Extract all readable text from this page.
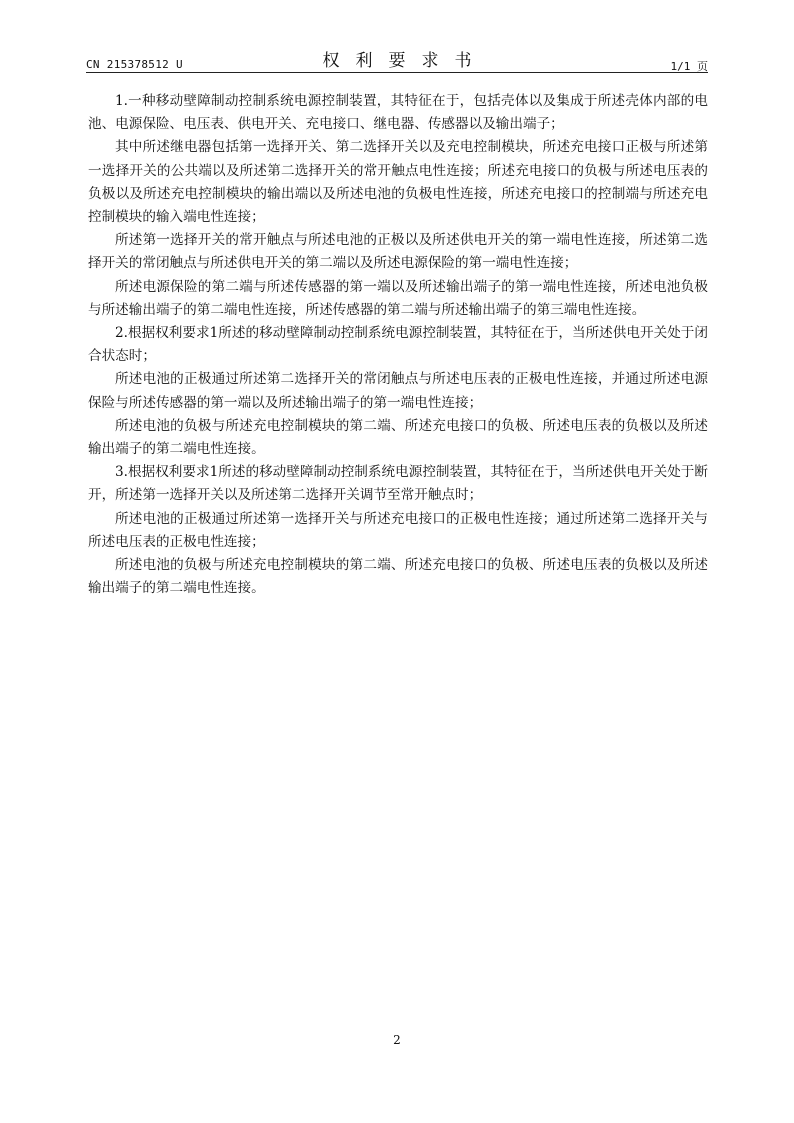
CN 215378512 U	权利要求书	1/1 页

1.一种移动壁障制动控制系统电源控制装置，其特征在于，包括壳体以及集成于所述壳体内部的电池、电源保险、电压表、供电开关、充电接口、继电器、传感器以及输出端子；

其中所述继电器包括第一选择开关、第二选择开关以及充电控制模块，所述充电接口正极与所述第一选择开关的公共端以及所述第二选择开关的常开触点电性连接；所述充电接口的负极与所述电压表的负极以及所述充电控制模块的输出端以及所述电池的负极电性连接，所述充电接口的控制端与所述充电控制模块的输入端电性连接；

所述第一选择开关的常开触点与所述电池的正极以及所述供电开关的第一端电性连接，所述第二选择开关的常闭触点与所述供电开关的第二端以及所述电源保险的第一端电性连接；

所述电源保险的第二端与所述传感器的第一端以及所述输出端子的第一端电性连接，所述电池负极与所述输出端子的第二端电性连接，所述传感器的第二端与所述输出端子的第三端电性连接。

2.根据权利要求1所述的移动壁障制动控制系统电源控制装置，其特征在于，当所述供电开关处于闭合状态时；

所述电池的正极通过所述第二选择开关的常闭触点与所述电压表的正极电性连接，并通过所述电源保险与所述传感器的第一端以及所述输出端子的第一端电性连接；

所述电池的负极与所述充电控制模块的第二端、所述充电接口的负极、所述电压表的负极以及所述输出端子的第二端电性连接。

3.根据权利要求1所述的移动壁障制动控制系统电源控制装置，其特征在于，当所述供电开关处于断开，所述第一选择开关以及所述第二选择开关调节至常开触点时；

所述电池的正极通过所述第一选择开关与所述充电接口的正极电性连接；通过所述第二选择开关与所述电压表的正极电性连接；

所述电池的负极与所述充电控制模块的第二端、所述充电接口的负极、所述电压表的负极以及所述输出端子的第二端电性连接。

2
